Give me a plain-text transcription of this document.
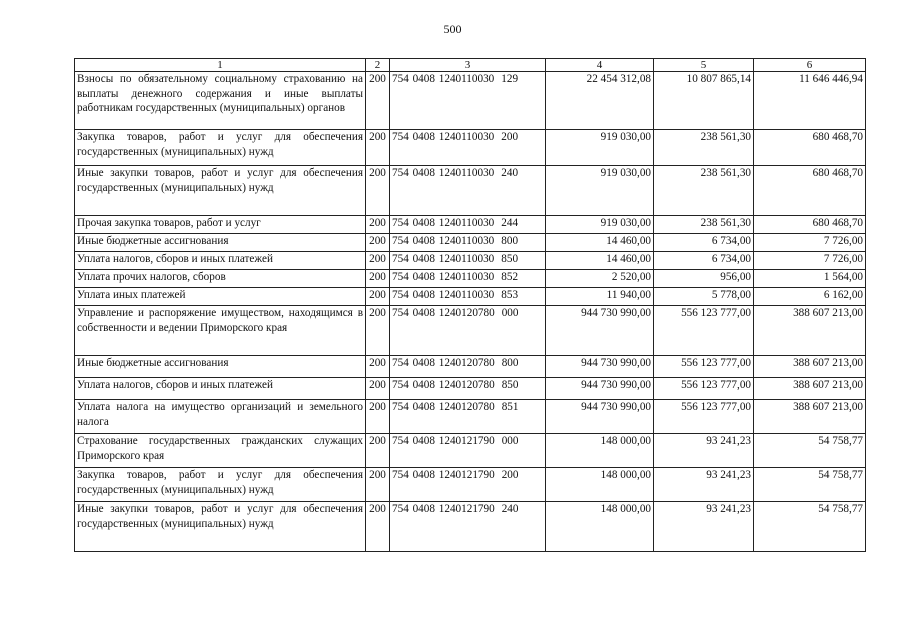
500
1	2	3	4	5	6
Взносы по обязательному социальному страхованию на выплаты денежного содержания и иные выплаты работникам государственных (муниципальных) органов	200	754 0408 1240110030 129	22 454 312,08	10 807 865,14	11 646 446,94
Закупка товаров, работ и услуг для обеспечения государственных (муниципальных) нужд	200	754 0408 1240110030 200	919 030,00	238 561,30	680 468,70
Иные закупки товаров, работ и услуг для обеспечения государственных (муниципальных) нужд	200	754 0408 1240110030 240	919 030,00	238 561,30	680 468,70
Прочая закупка товаров, работ и услуг	200	754 0408 1240110030 244	919 030,00	238 561,30	680 468,70
Иные бюджетные ассигнования	200	754 0408 1240110030 800	14 460,00	6 734,00	7 726,00
Уплата налогов, сборов и иных платежей	200	754 0408 1240110030 850	14 460,00	6 734,00	7 726,00
Уплата прочих налогов, сборов	200	754 0408 1240110030 852	2 520,00	956,00	1 564,00
Уплата иных платежей	200	754 0408 1240110030 853	11 940,00	5 778,00	6 162,00
Управление и распоряжение имуществом, находящимся в собственности и ведении Приморского края	200	754 0408 1240120780 000	944 730 990,00	556 123 777,00	388 607 213,00
Иные бюджетные ассигнования	200	754 0408 1240120780 800	944 730 990,00	556 123 777,00	388 607 213,00
Уплата налогов, сборов и иных платежей	200	754 0408 1240120780 850	944 730 990,00	556 123 777,00	388 607 213,00
Уплата налога на имущество организаций и земельного налога	200	754 0408 1240120780 851	944 730 990,00	556 123 777,00	388 607 213,00
Страхование государственных гражданских служащих Приморского края	200	754 0408 1240121790 000	148 000,00	93 241,23	54 758,77
Закупка товаров, работ и услуг для обеспечения государственных (муниципальных) нужд	200	754 0408 1240121790 200	148 000,00	93 241,23	54 758,77
Иные закупки товаров, работ и услуг для обеспечения государственных (муниципальных) нужд	200	754 0408 1240121790 240	148 000,00	93 241,23	54 758,77
